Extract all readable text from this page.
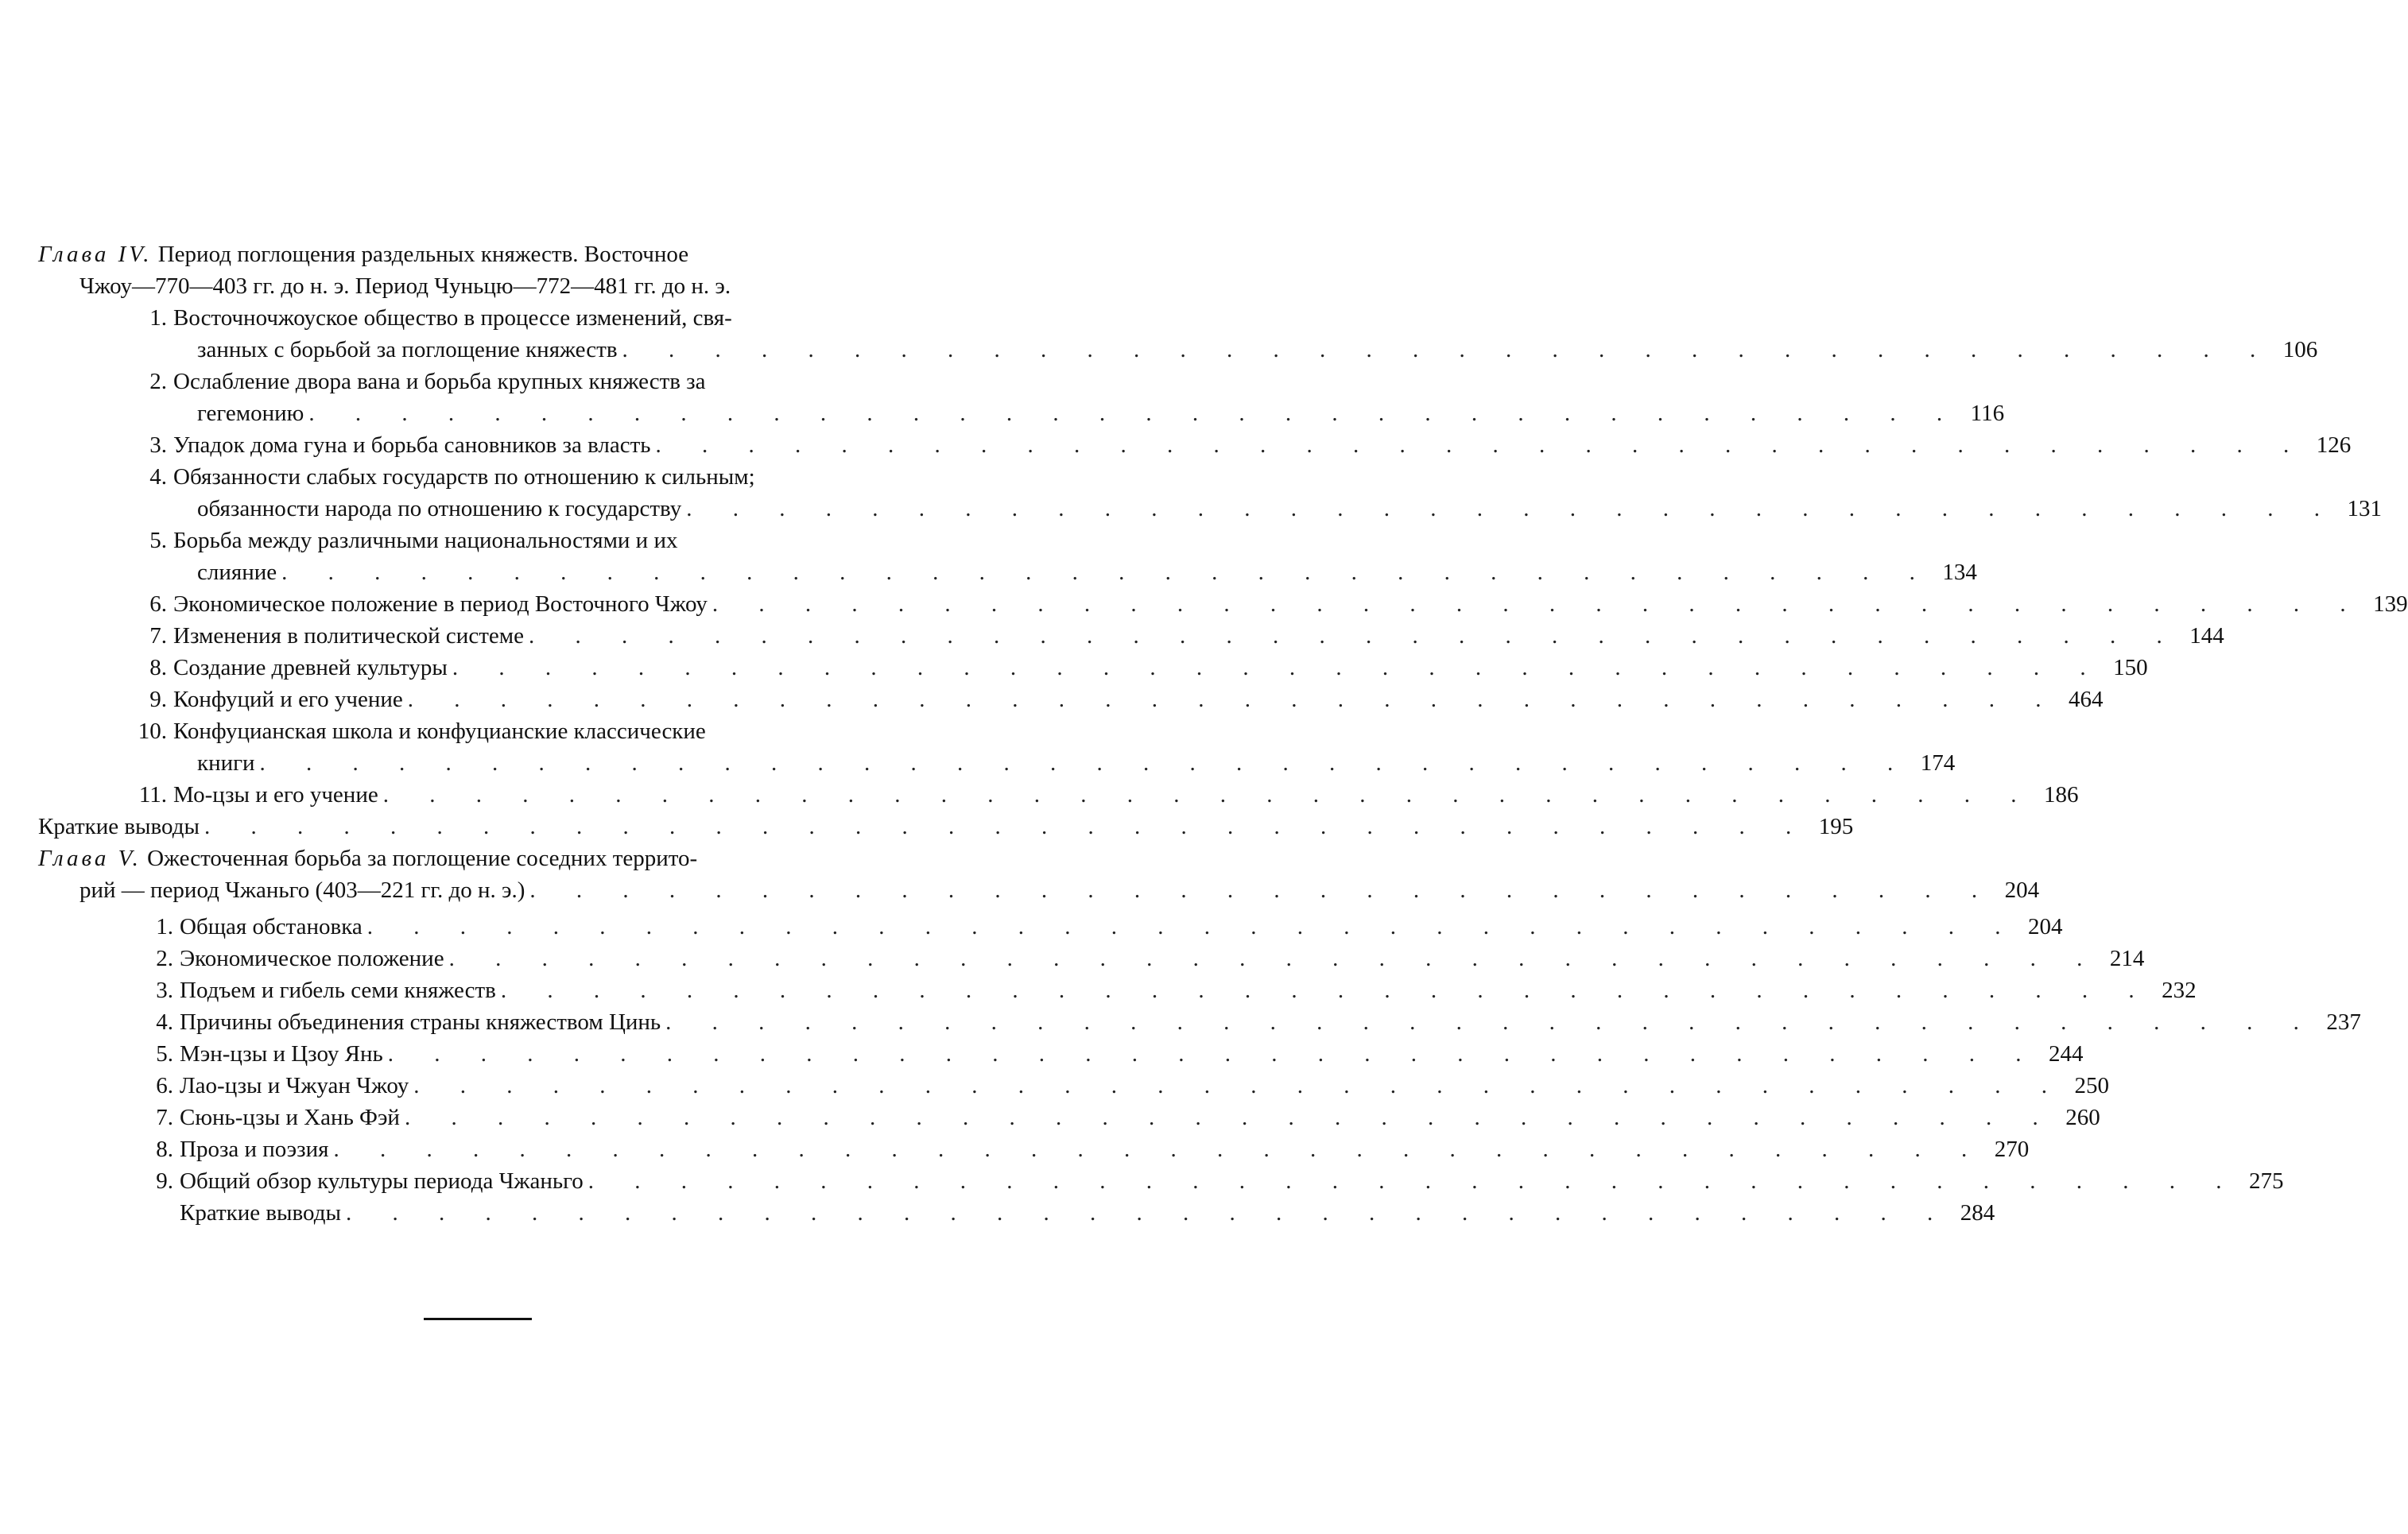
Глава IV. Период поглощения раздельных княжеств. Восточное
Чжоу—770—403 гг. до н. э. Период Чуньцю—772—481 гг. до н. э.
1. Восточночжоуское общество в процессе изменений, свя-
занных с борьбой за поглощение княжеств . . . . . . . . . . . . . . . . . . . . . . . . . . . . . . . . . . . . 106
2. Ослабление двора вана и борьба крупных княжеств за
гегемонию . . . . . . . . . . . . . . . . . . . . . . . . . . . . . . . . . . . . 116
3. Упадок дома гуна и борьба сановников за власть . . . . . . . . . . . . . . . . . . . . . . . . . . . . . . . . . . . . 126
4. Обязанности слабых государств по отношению к сильным;
обязанности народа по отношению к государству . . . . . . . . . . . . . . . . . . . . . . . . . . . . . . . . . . . . 131
5. Борьба между различными национальностями и их
слияние . . . . . . . . . . . . . . . . . . . . . . . . . . . . . . . . . . . . 134
6. Экономическое положение в период Восточного Чжоу . . . . . . . . . . . . . . . . . . . . . . . . . . . . . . . . . . . . 139
7. Изменения в политической системе . . . . . . . . . . . . . . . . . . . . . . . . . . . . . . . . . . . . 144
8. Создание древней культуры . . . . . . . . . . . . . . . . . . . . . . . . . . . . . . . . . . . . 150
9. Конфуций и его учение . . . . . . . . . . . . . . . . . . . . . . . . . . . . . . . . . . . . 464
10. Конфуцианская школа и конфуцианские классические
книги . . . . . . . . . . . . . . . . . . . . . . . . . . . . . . . . . . . . 174
11. Мо-цзы и его учение . . . . . . . . . . . . . . . . . . . . . . . . . . . . . . . . . . . . 186
Краткие выводы . . . . . . . . . . . . . . . . . . . . . . . . . . . . . . . . . . . 195
Глава V. Ожесточенная борьба за поглощение соседних террито-
рий — период Чжаньго (403—221 гг. до н. э.) . . . . . . . . . . . . . . . . . . . . . . . . . . . . . . . . 204
1. Общая обстановка . . . . . . . . . . . . . . . . . . . . . . . . . . . . . . . . . . . . 204
2. Экономическое положение . . . . . . . . . . . . . . . . . . . . . . . . . . . . . . . . . . . . 214
3. Подъем и гибель семи княжеств . . . . . . . . . . . . . . . . . . . . . . . . . . . . . . . . . . . . 232
4. Причины объединения страны княжеством Цинь . . . . . . . . . . . . . . . . . . . . . . . . . . . . . . . . . . . . 237
5. Мэн-цзы и Цзоу Янь . . . . . . . . . . . . . . . . . . . . . . . . . . . . . . . . . . . . 244
6. Лао-цзы и Чжуан Чжоу . . . . . . . . . . . . . . . . . . . . . . . . . . . . . . . . . . . . 250
7. Сюнь-цзы и Хань Фэй . . . . . . . . . . . . . . . . . . . . . . . . . . . . . . . . . . . . 260
8. Проза и поэзия . . . . . . . . . . . . . . . . . . . . . . . . . . . . . . . . . . . . 270
9. Общий обзор культуры периода Чжаньго . . . . . . . . . . . . . . . . . . . . . . . . . . . . . . . . . . . . 275
Краткие выводы . . . . . . . . . . . . . . . . . . . . . . . . . . . . . . . . . . . 284
